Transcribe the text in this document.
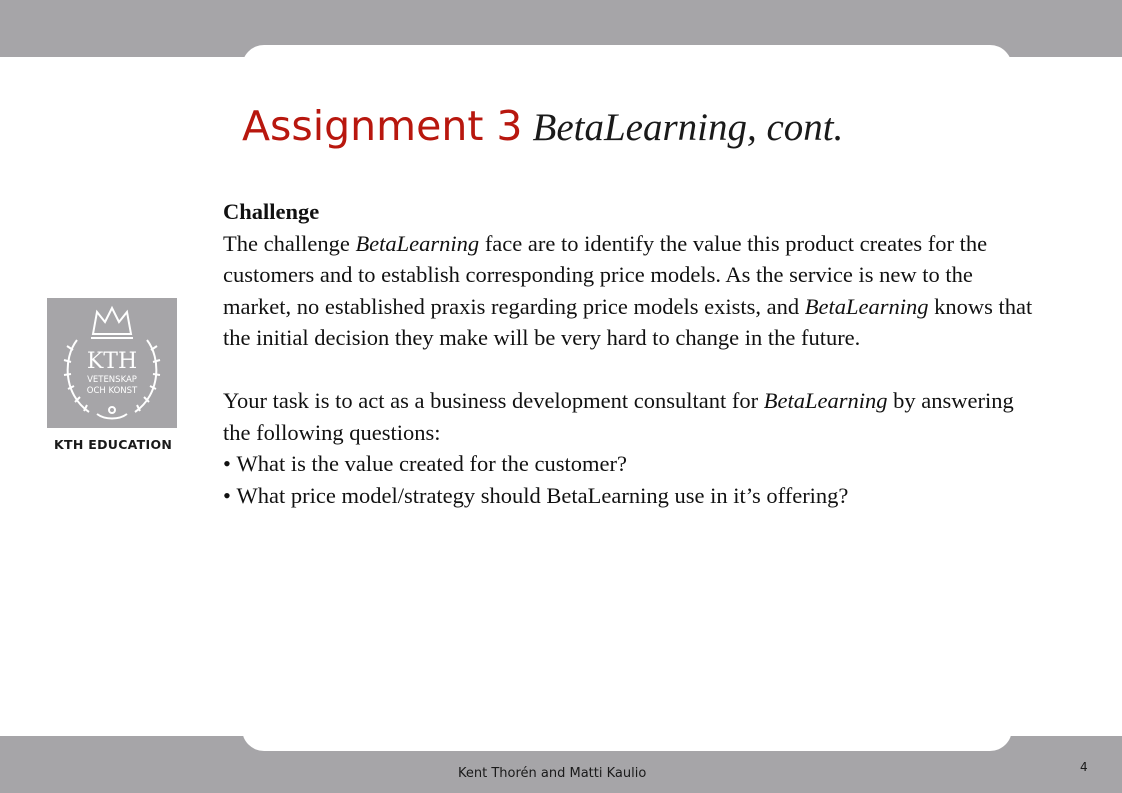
Assignment 3 BetaLearning, cont.
KTH
VETENSKAP
OCH KONST
KTH EDUCATION

Challenge

The challenge BetaLearning face are to identify the value this product creates for the customers and to establish corresponding price models. As the service is new to the market, no established praxis regarding price models exists, and BetaLearning knows that the initial decision they make will be very hard to change in the future.

Your task is to act as a business development consultant for BetaLearning by answering the following questions:

• What is the value created for the customer?

• What price model/strategy should BetaLearning use in it’s offering?

Kent Thorén and Matti Kaulio	4
